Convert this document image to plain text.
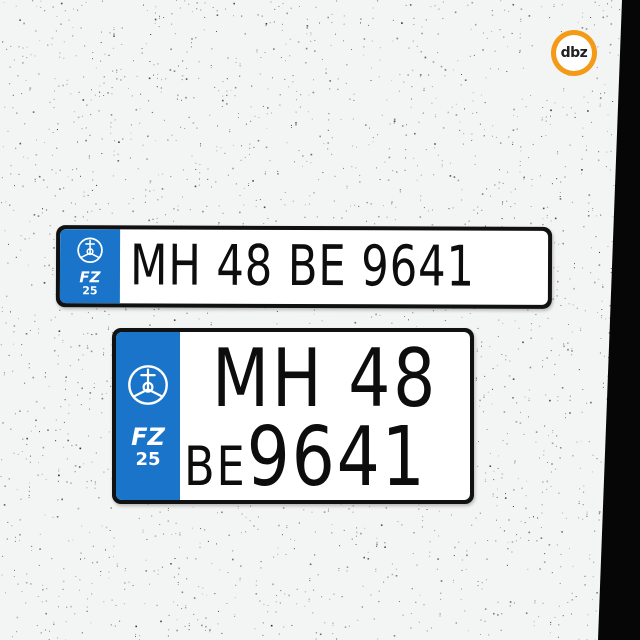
dbz
FZ
25 MH 48 BE 9641
FZ
25
MH 48
BE9641
